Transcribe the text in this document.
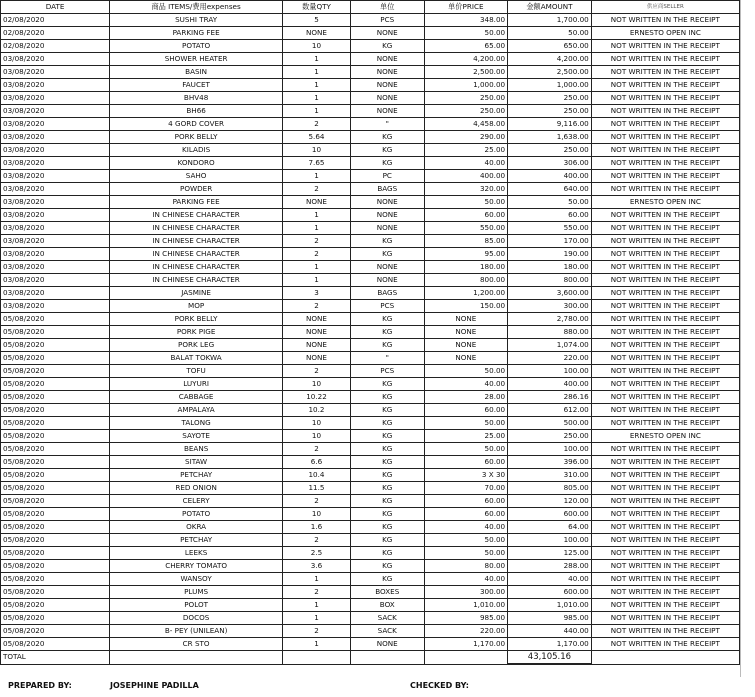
DATE	商品 ITEMS/费用expenses	数量QTY	单位	单价PRICE	金额AMOUNT	供应商SELLER
02/08/2020	SUSHI TRAY	5	PCS	348.00	1,700.00	NOT WRITTEN IN THE RECEIPT
02/08/2020	PARKING FEE	NONE	NONE	50.00	50.00	ERNESTO OPEN INC
02/08/2020	POTATO	10	KG	65.00	650.00	NOT WRITTEN IN THE RECEIPT
03/08/2020	SHOWER HEATER	1	NONE	4,200.00	4,200.00	NOT WRITTEN IN THE RECEIPT
03/08/2020	BASIN	1	NONE	2,500.00	2,500.00	NOT WRITTEN IN THE RECEIPT
03/08/2020	FAUCET	1	NONE	1,000.00	1,000.00	NOT WRITTEN IN THE RECEIPT
03/08/2020	BHV48	1	NONE	250.00	250.00	NOT WRITTEN IN THE RECEIPT
03/08/2020	BH66	1	NONE	250.00	250.00	NOT WRITTEN IN THE RECEIPT
03/08/2020	4 GORD COVER	2	"	4,458.00	9,116.00	NOT WRITTEN IN THE RECEIPT
03/08/2020	PORK BELLY	5.64	KG	290.00	1,638.00	NOT WRITTEN IN THE RECEIPT
03/08/2020	KILADIS	10	KG	25.00	250.00	NOT WRITTEN IN THE RECEIPT
03/08/2020	KONDORO	7.65	KG	40.00	306.00	NOT WRITTEN IN THE RECEIPT
03/08/2020	SAHO	1	PC	400.00	400.00	NOT WRITTEN IN THE RECEIPT
03/08/2020	POWDER	2	BAGS	320.00	640.00	NOT WRITTEN IN THE RECEIPT
03/08/2020	PARKING FEE	NONE	NONE	50.00	50.00	ERNESTO OPEN INC
03/08/2020	IN CHINESE CHARACTER	1	NONE	60.00	60.00	NOT WRITTEN IN THE RECEIPT
03/08/2020	IN CHINESE CHARACTER	1	NONE	550.00	550.00	NOT WRITTEN IN THE RECEIPT
03/08/2020	IN CHINESE CHARACTER	2	KG	85.00	170.00	NOT WRITTEN IN THE RECEIPT
03/08/2020	IN CHINESE CHARACTER	2	KG	95.00	190.00	NOT WRITTEN IN THE RECEIPT
03/08/2020	IN CHINESE CHARACTER	1	NONE	180.00	180.00	NOT WRITTEN IN THE RECEIPT
03/08/2020	IN CHINESE CHARACTER	1	NONE	800.00	800.00	NOT WRITTEN IN THE RECEIPT
03/08/2020	JASMINE	3	BAGS	1,200.00	3,600.00	NOT WRITTEN IN THE RECEIPT
03/08/2020	MOP	2	PCS	150.00	300.00	NOT WRITTEN IN THE RECEIPT
05/08/2020	PORK BELLY	NONE	KG	NONE	2,780.00	NOT WRITTEN IN THE RECEIPT
05/08/2020	PORK PIGE	NONE	KG	NONE	880.00	NOT WRITTEN IN THE RECEIPT
05/08/2020	PORK LEG	NONE	KG	NONE	1,074.00	NOT WRITTEN IN THE RECEIPT
05/08/2020	BALAT TOKWA	NONE	"	NONE	220.00	NOT WRITTEN IN THE RECEIPT
05/08/2020	TOFU	2	PCS	50.00	100.00	NOT WRITTEN IN THE RECEIPT
05/08/2020	LUYURI	10	KG	40.00	400.00	NOT WRITTEN IN THE RECEIPT
05/08/2020	CABBAGE	10.22	KG	28.00	286.16	NOT WRITTEN IN THE RECEIPT
05/08/2020	AMPALAYA	10.2	KG	60.00	612.00	NOT WRITTEN IN THE RECEIPT
05/08/2020	TALONG	10	KG	50.00	500.00	NOT WRITTEN IN THE RECEIPT
05/08/2020	SAYOTE	10	KG	25.00	250.00	ERNESTO OPEN INC
05/08/2020	BEANS	2	KG	50.00	100.00	NOT WRITTEN IN THE RECEIPT
05/08/2020	SITAW	6.6	KG	60.00	396.00	NOT WRITTEN IN THE RECEIPT
05/08/2020	PETCHAY	10.4	KG	3 X 30	310.00	NOT WRITTEN IN THE RECEIPT
05/08/2020	RED ONION	11.5	KG	70.00	805.00	NOT WRITTEN IN THE RECEIPT
05/08/2020	CELERY	2	KG	60.00	120.00	NOT WRITTEN IN THE RECEIPT
05/08/2020	POTATO	10	KG	60.00	600.00	NOT WRITTEN IN THE RECEIPT
05/08/2020	OKRA	1.6	KG	40.00	64.00	NOT WRITTEN IN THE RECEIPT
05/08/2020	PETCHAY	2	KG	50.00	100.00	NOT WRITTEN IN THE RECEIPT
05/08/2020	LEEKS	2.5	KG	50.00	125.00	NOT WRITTEN IN THE RECEIPT
05/08/2020	CHERRY TOMATO	3.6	KG	80.00	288.00	NOT WRITTEN IN THE RECEIPT
05/08/2020	WANSOY	1	KG	40.00	40.00	NOT WRITTEN IN THE RECEIPT
05/08/2020	PLUMS	2	BOXES	300.00	600.00	NOT WRITTEN IN THE RECEIPT
05/08/2020	POLOT	1	BOX	1,010.00	1,010.00	NOT WRITTEN IN THE RECEIPT
05/08/2020	DOCOS	1	SACK	985.00	985.00	NOT WRITTEN IN THE RECEIPT
05/08/2020	B- PEY (UNILEAN)	2	SACK	220.00	440.00	NOT WRITTEN IN THE RECEIPT
05/08/2020	CR STO	1	NONE	1,170.00	1,170.00	NOT WRITTEN IN THE RECEIPT
TOTAL					43,105.16	
PREPARED BY:	JOSEPHINE PADILLA	CHECKED BY:
